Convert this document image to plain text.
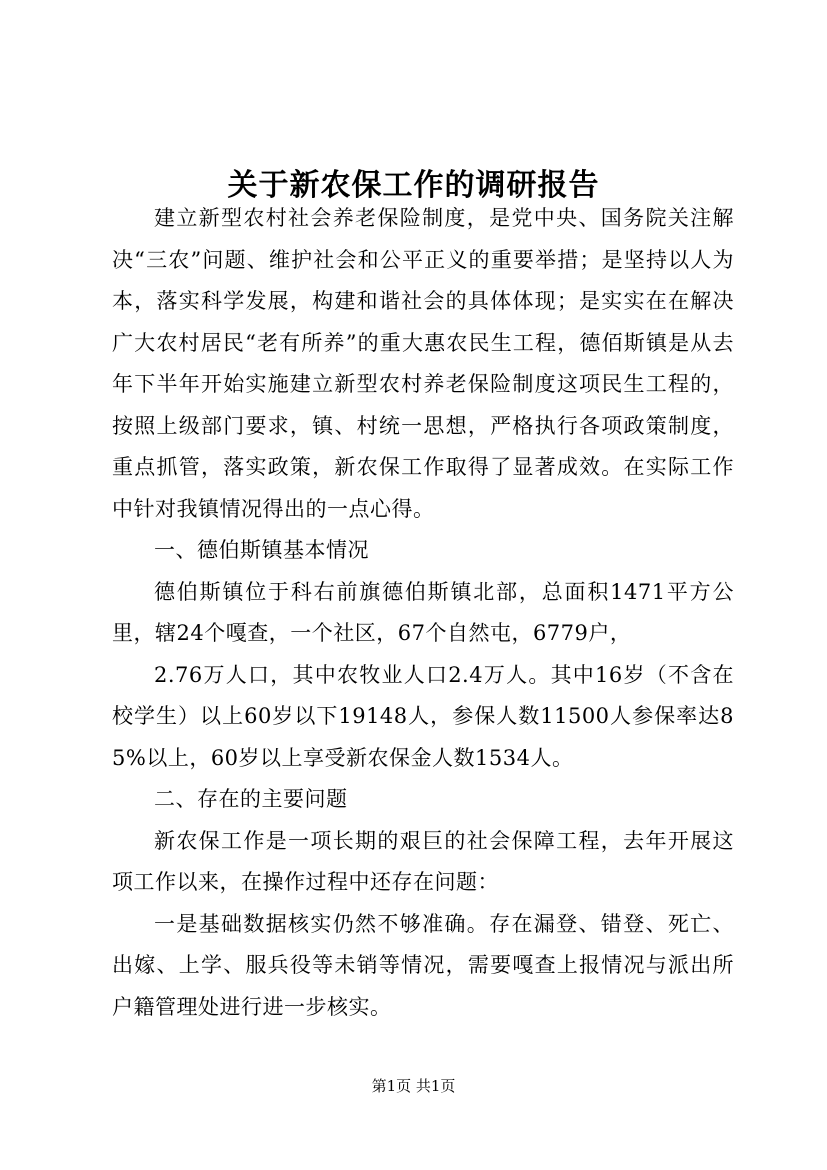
关于新农保工作的调研报告

建立新型农村社会养老保险制度，是党中央、国务院关注解决“三农”问题、维护社会和公平正义的重要举措；是坚持以人为本，落实科学发展，构建和谐社会的具体体现；是实实在在解决广大农村居民“老有所养”的重大惠农民生工程，德佰斯镇是从去年下半年开始实施建立新型农村养老保险制度这项民生工程的，按照上级部门要求，镇、村统一思想，严格执行各项政策制度，重点抓管，落实政策，新农保工作取得了显著成效。在实际工作中针对我镇情况得出的一点心得。

一、德伯斯镇基本情况

德伯斯镇位于科右前旗德伯斯镇北部，总面积1471平方公里，辖24个嘎查，一个社区，67个自然屯，6779户，

2.76万人口，其中农牧业人口2.4万人。其中16岁（不含在校学生）以上60岁以下19148人，参保人数11500人参保率达85%以上，60岁以上享受新农保金人数1534人。

二、存在的主要问题

新农保工作是一项长期的艰巨的社会保障工程，去年开展这项工作以来，在操作过程中还存在问题：

一是基础数据核实仍然不够准确。存在漏登、错登、死亡、出嫁、上学、服兵役等未销等情况，需要嘎查上报情况与派出所户籍管理处进行进一步核实。

第1页 共1页
